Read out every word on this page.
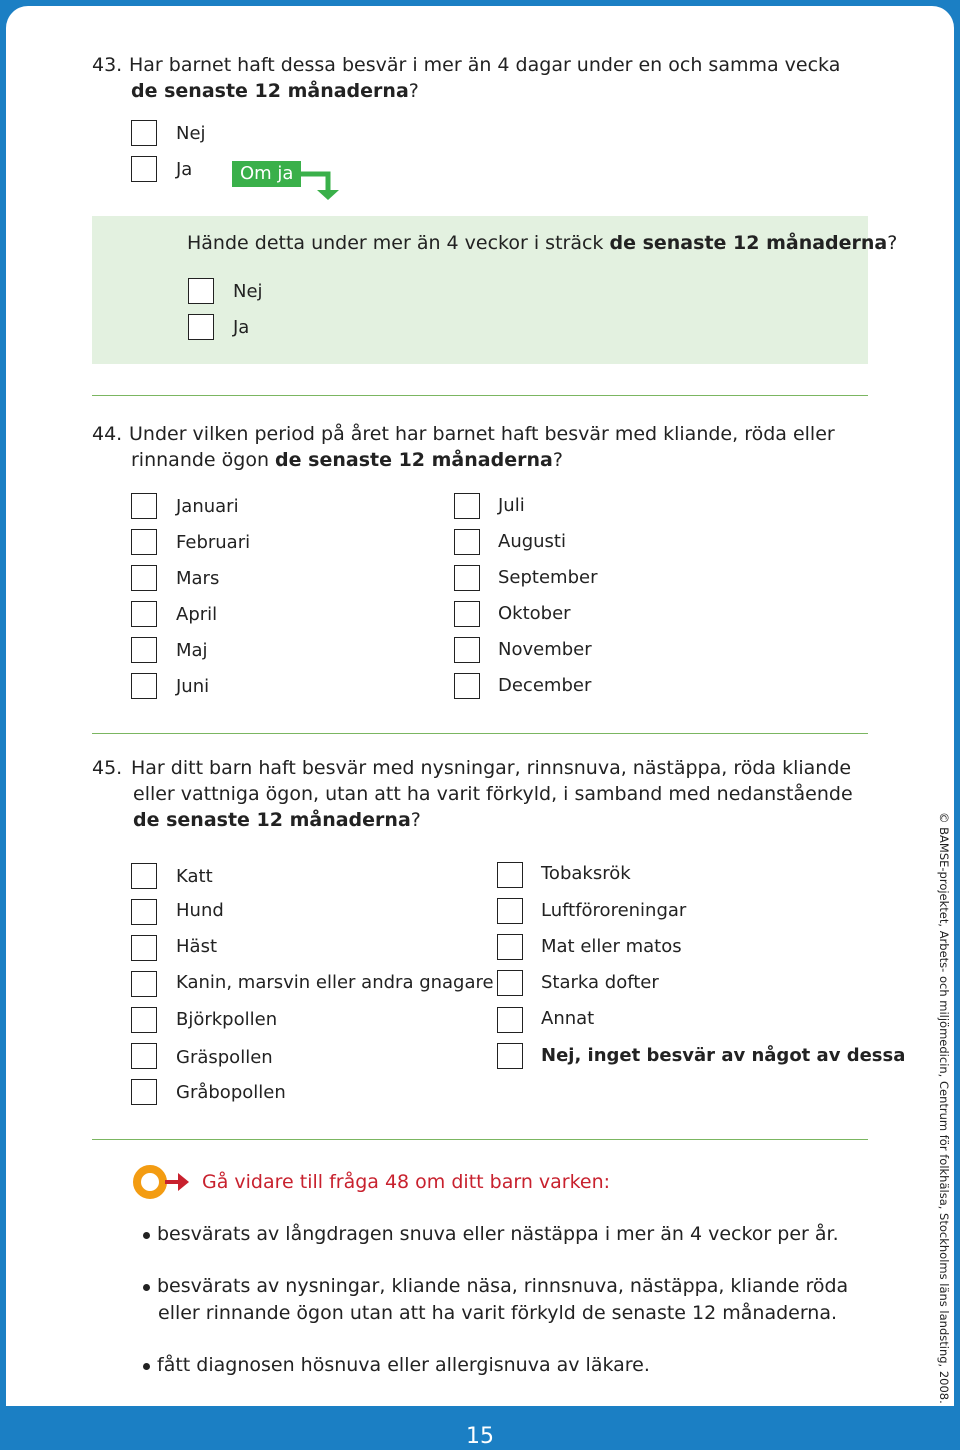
43. Har barnet haft dessa besvär i mer än 4 dagar under en och samma vecka
de senaste 12 månaderna?
Nej
Ja	Om ja
Hände detta under mer än 4 veckor i sträck de senaste 12 månaderna?
Nej
Ja
44. Under vilken period på året har barnet haft besvär med kliande, röda eller
rinnande ögon de senaste 12 månaderna?
Januari
Februari
Mars
April
Maj
Juni
Juli
Augusti
September
Oktober
November
December
45. Har ditt barn haft besvär med nysningar, rinnsnuva, nästäppa, röda kliande
eller vattniga ögon, utan att ha varit förkyld, i samband med nedanstående
de senaste 12 månaderna?
Katt
Hund
Häst
Kanin, marsvin eller andra gnagare
Björkpollen
Gräspollen
Gråbopollen
Tobaksrök
Luftföroreningar
Mat eller matos
Starka dofter
Annat
Nej, inget besvär av något av dessa
Gå vidare till fråga 48 om ditt barn varken:
besvärats av långdragen snuva eller nästäppa i mer än 4 veckor per år.
besvärats av nysningar, kliande näsa, rinnsnuva, nästäppa, kliande röda
eller rinnande ögon utan att ha varit förkyld de senaste 12 månaderna.
fått diagnosen hösnuva eller allergisnuva av läkare.	© BAMSE-projektet, Arbets- och miljömedicin, Centrum för folkhälsa, Stockholms läns landsting, 2008.
15
